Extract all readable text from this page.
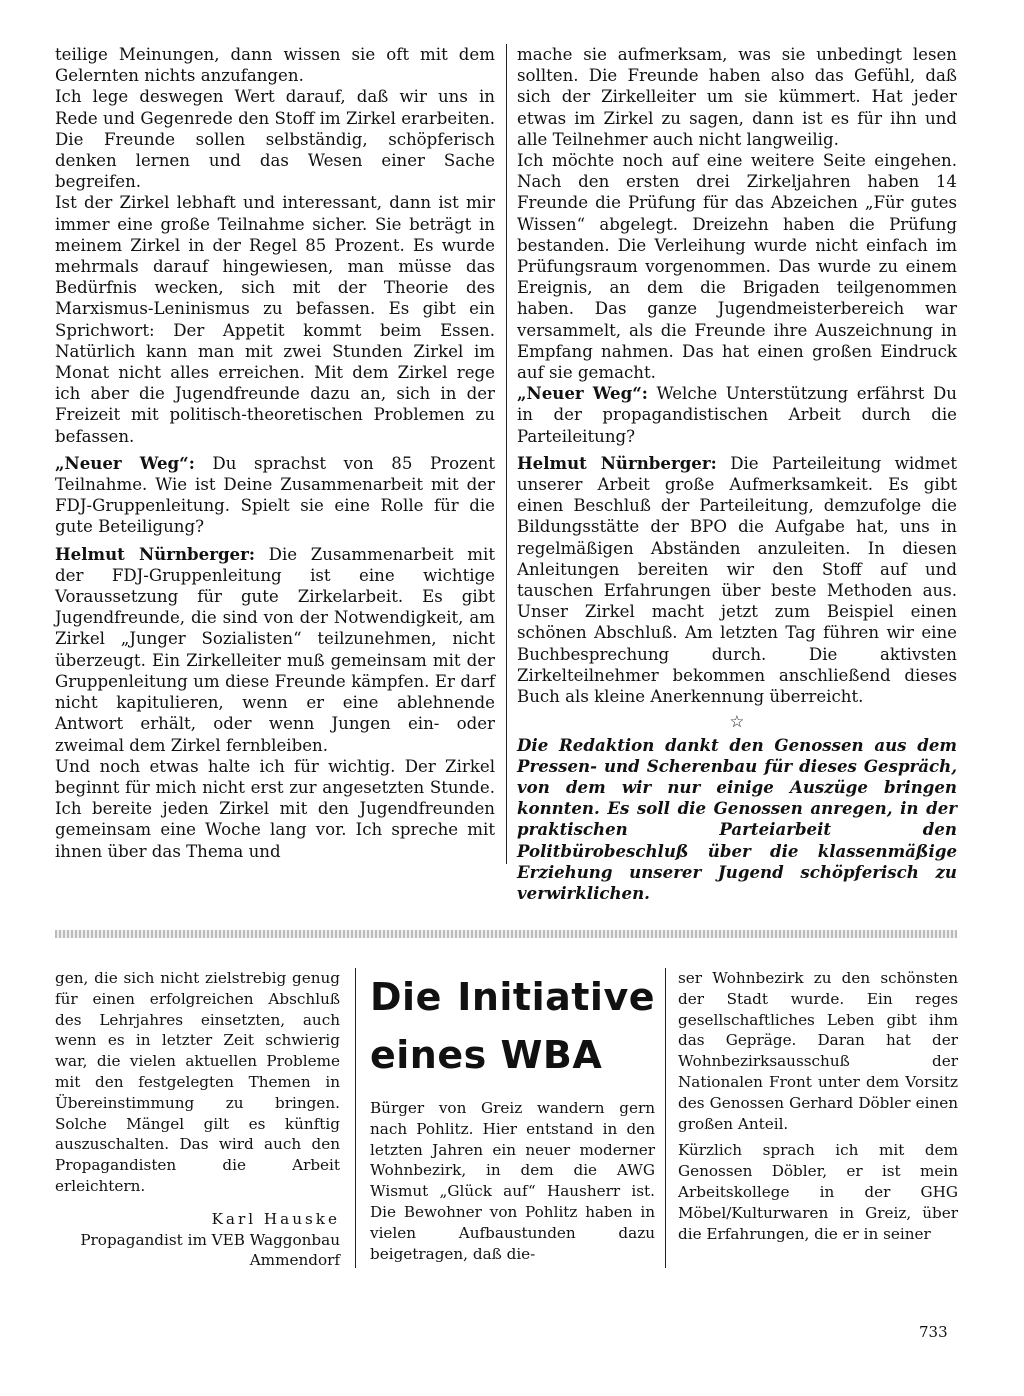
teilige Meinungen, dann wissen sie oft mit dem Gelernten nichts anzufangen.

Ich lege deswegen Wert darauf, daß wir uns in Rede und Gegenrede den Stoff im Zirkel erarbeiten. Die Freunde sollen selbständig, schöpferisch denken lernen und das Wesen einer Sache begreifen.

Ist der Zirkel lebhaft und interessant, dann ist mir immer eine große Teilnahme sicher. Sie beträgt in meinem Zirkel in der Regel 85 Prozent. Es wurde mehrmals darauf hingewiesen, man müsse das Bedürfnis wecken, sich mit der Theorie des Marxismus-Leninismus zu befassen. Es gibt ein Sprichwort: Der Appetit kommt beim Essen. Natürlich kann man mit zwei Stunden Zirkel im Monat nicht alles erreichen. Mit dem Zirkel rege ich aber die Jugendfreunde dazu an, sich in der Freizeit mit politisch-theoretischen Problemen zu befassen.

„Neuer Weg“: Du sprachst von 85 Prozent Teilnahme. Wie ist Deine Zusammenarbeit mit der FDJ-Gruppenleitung. Spielt sie eine Rolle für die gute Beteiligung?

Helmut Nürnberger: Die Zusammenarbeit mit der FDJ-Gruppenleitung ist eine wichtige Voraussetzung für gute Zirkelarbeit. Es gibt Jugendfreunde, die sind von der Notwendigkeit, am Zirkel „Junger Sozialisten“ teilzunehmen, nicht überzeugt. Ein Zirkelleiter muß gemeinsam mit der Gruppenleitung um diese Freunde kämpfen. Er darf nicht kapitulieren, wenn er eine ablehnende Antwort erhält, oder wenn Jungen ein- oder zweimal dem Zirkel fernbleiben.

Und noch etwas halte ich für wichtig. Der Zirkel beginnt für mich nicht erst zur angesetzten Stunde. Ich bereite jeden Zirkel mit den Jugendfreunden gemeinsam eine Woche lang vor. Ich spreche mit ihnen über das Thema und

mache sie aufmerksam, was sie unbedingt lesen sollten. Die Freunde haben also das Gefühl, daß sich der Zirkelleiter um sie kümmert. Hat jeder etwas im Zirkel zu sagen, dann ist es für ihn und alle Teilnehmer auch nicht langweilig.

Ich möchte noch auf eine weitere Seite eingehen. Nach den ersten drei Zirkeljahren haben 14 Freunde die Prüfung für das Abzeichen „Für gutes Wissen“ abgelegt. Dreizehn haben die Prüfung bestanden. Die Verleihung wurde nicht einfach im Prüfungsraum vorgenommen. Das wurde zu einem Ereignis, an dem die Brigaden teilgenommen haben. Das ganze Jugendmeisterbereich war versammelt, als die Freunde ihre Auszeichnung in Empfang nahmen. Das hat einen großen Eindruck auf sie gemacht.

„Neuer Weg“: Welche Unterstützung erfährst Du in der propagandistischen Arbeit durch die Parteileitung?

Helmut Nürnberger: Die Parteileitung widmet unserer Arbeit große Aufmerksamkeit. Es gibt einen Beschluß der Parteileitung, demzufolge die Bildungsstätte der BPO die Aufgabe hat, uns in regelmäßigen Abständen anzuleiten. In diesen Anleitungen bereiten wir den Stoff auf und tauschen Erfahrungen über beste Methoden aus. Unser Zirkel macht jetzt zum Beispiel einen schönen Abschluß. Am letzten Tag führen wir eine Buchbesprechung durch. Die aktivsten Zirkelteilnehmer bekommen anschließend dieses Buch als kleine Anerkennung überreicht.

☆

Die Redaktion dankt den Genossen aus dem Pressen- und Scherenbau für dieses Gespräch, von dem wir nur einige Auszüge bringen konnten. Es soll die Genossen anregen, in der praktischen Parteiarbeit den Politbürobeschluß über die klassenmäßige Erziehung unserer Jugend schöpferisch zu verwirklichen.

gen, die sich nicht zielstrebig genug für einen erfolgreichen Abschluß des Lehrjahres einsetzten, auch wenn es in letzter Zeit schwierig war, die vielen aktuellen Probleme mit den festgelegten Themen in Übereinstimmung zu bringen. Solche Mängel gilt es künftig auszuschalten. Das wird auch den Propagandisten die Arbeit erleichtern.

Karl Hauske

Propagandist im VEB Waggonbau Ammendorf

Die Initiative eines WBA

Bürger von Greiz wandern gern nach Pohlitz. Hier entstand in den letzten Jahren ein neuer moderner Wohnbezirk, in dem die AWG Wismut „Glück auf“ Hausherr ist. Die Bewohner von Pohlitz haben in vielen Aufbaustunden dazu beigetragen, daß die-

ser Wohnbezirk zu den schönsten der Stadt wurde. Ein reges gesellschaftliches Leben gibt ihm das Gepräge. Daran hat der Wohnbezirksausschuß der Nationalen Front unter dem Vorsitz des Genossen Gerhard Döbler einen großen Anteil.

Kürzlich sprach ich mit dem Genossen Döbler, er ist mein Arbeitskollege in der GHG Möbel/Kulturwaren in Greiz, über die Erfahrungen, die er in seiner

733
